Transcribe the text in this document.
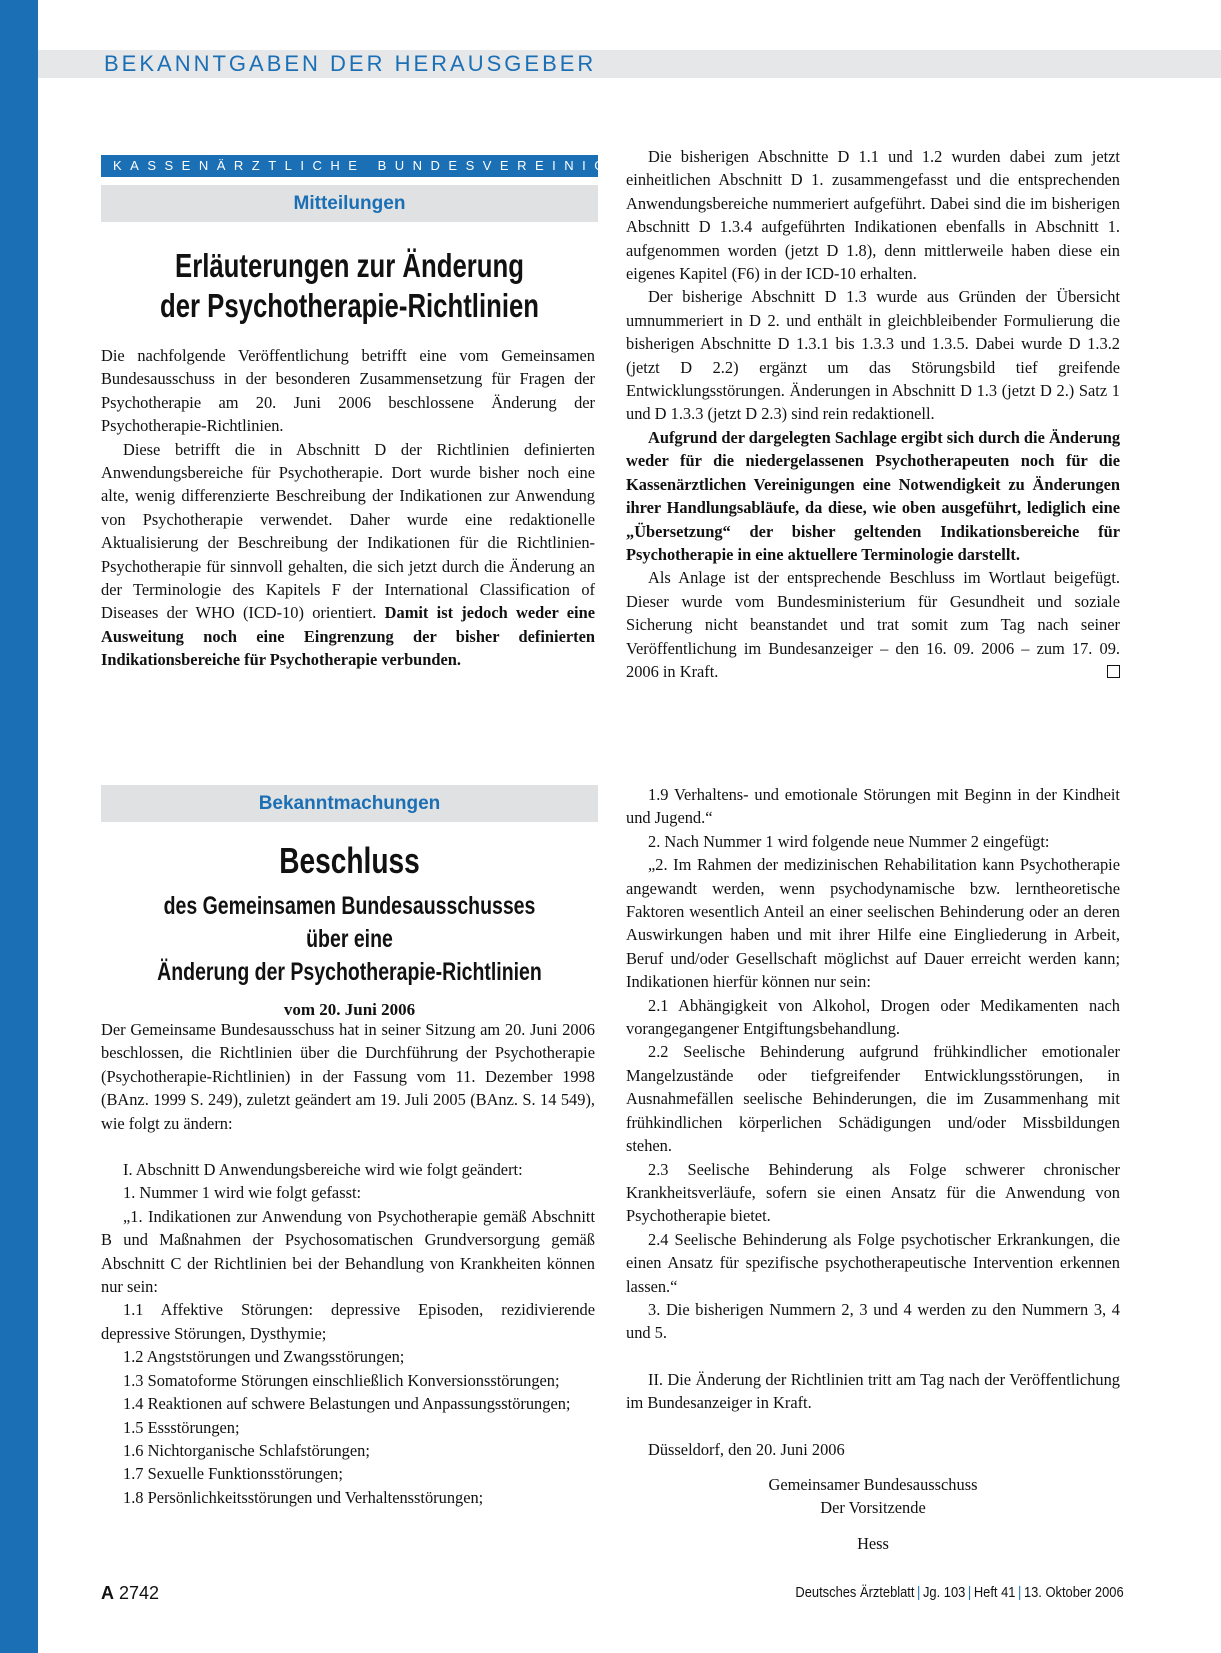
BEKANNTGABEN DER HERAUSGEBER
KASSENÄRZTLICHE BUNDESVEREINIGUNG
Mitteilungen
Erläuterungen zur Änderung
der Psychotherapie-Richtlinien

Die nachfolgende Veröffentlichung betrifft eine vom Gemeinsamen Bundesausschuss in der besonderen Zusammensetzung für Fragen der Psychotherapie am 20. Juni 2006 beschlossene Änderung der Psychotherapie-Richtlinien.

Diese betrifft die in Abschnitt D der Richtlinien definierten Anwendungsbereiche für Psychotherapie. Dort wurde bisher noch eine alte, wenig differenzierte Beschreibung der Indikationen zur Anwendung von Psychotherapie verwendet. Daher wurde eine redaktionelle Aktualisierung der Beschreibung der Indikationen für die Richtlinien-Psychotherapie für sinnvoll gehalten, die sich jetzt durch die Änderung an der Terminologie des Kapitels F der International Classification of Diseases der WHO (ICD-10) orientiert. Damit ist jedoch weder eine Ausweitung noch eine Eingrenzung der bisher definierten Indikationsbereiche für Psychotherapie verbunden.

Die bisherigen Abschnitte D 1.1 und 1.2 wurden dabei zum jetzt einheitlichen Abschnitt D 1. zusammengefasst und die entsprechenden Anwendungsbereiche nummeriert aufgeführt. Dabei sind die im bisherigen Abschnitt D 1.3.4 aufgeführten Indikationen ebenfalls in Abschnitt 1. aufgenommen worden (jetzt D 1.8), denn mittlerweile haben diese ein eigenes Kapitel (F6) in der ICD-10 erhalten.

Der bisherige Abschnitt D 1.3 wurde aus Gründen der Übersicht umnummeriert in D 2. und enthält in gleichbleibender Formulierung die bisherigen Abschnitte D 1.3.1 bis 1.3.3 und 1.3.5. Dabei wurde D 1.3.2 (jetzt D 2.2) ergänzt um das Störungsbild tief greifende Entwicklungsstörungen. Änderungen in Abschnitt D 1.3 (jetzt D 2.) Satz 1 und D 1.3.3 (jetzt D 2.3) sind rein redaktionell.

Aufgrund der dargelegten Sachlage ergibt sich durch die Änderung weder für die niedergelassenen Psychotherapeuten noch für die Kassenärztlichen Vereinigungen eine Notwendigkeit zu Änderungen ihrer Handlungsabläufe, da diese, wie oben ausgeführt, lediglich eine „Übersetzung“ der bisher geltenden Indikationsbereiche für Psychotherapie in eine aktuellere Terminologie darstellt.

Als Anlage ist der entsprechende Beschluss im Wortlaut beigefügt. Dieser wurde vom Bundesministerium für Gesundheit und soziale Sicherung nicht beanstandet und trat somit zum Tag nach seiner Veröffentlichung im Bundesanzeiger – den 16. 09. 2006 – zum 17. 09. 2006 in Kraft.

Bekanntmachungen
Beschluss
des Gemeinsamen Bundesausschusses über eine
Änderung der Psychotherapie-Richtlinien
vom 20. Juni 2006

Der Gemeinsame Bundesausschuss hat in seiner Sitzung am 20. Juni 2006 beschlossen, die Richtlinien über die Durchführung der Psychotherapie (Psychotherapie-Richtlinien) in der Fassung vom 11. Dezember 1998 (BAnz. 1999 S. 249), zuletzt geändert am 19. Juli 2005 (BAnz. S. 14 549), wie folgt zu ändern:

I. Abschnitt D Anwendungsbereiche wird wie folgt geändert:

1. Nummer 1 wird wie folgt gefasst:

„1. Indikationen zur Anwendung von Psychotherapie gemäß Abschnitt B und Maßnahmen der Psychosomatischen Grundversorgung gemäß Abschnitt C der Richtlinien bei der Behandlung von Krankheiten können nur sein:

1.1 Affektive Störungen: depressive Episoden, rezidivierende depressive Störungen, Dysthymie;

1.2 Angststörungen und Zwangsstörungen;

1.3 Somatoforme Störungen einschließlich Konversionsstörungen;

1.4 Reaktionen auf schwere Belastungen und Anpassungsstörungen;

1.5 Essstörungen;

1.6 Nichtorganische Schlafstörungen;

1.7 Sexuelle Funktionsstörungen;

1.8 Persönlichkeitsstörungen und Verhaltensstörungen;

1.9 Verhaltens- und emotionale Störungen mit Beginn in der Kindheit und Jugend.“

2. Nach Nummer 1 wird folgende neue Nummer 2 eingefügt:

„2. Im Rahmen der medizinischen Rehabilitation kann Psychotherapie angewandt werden, wenn psychodynamische bzw. lerntheoretische Faktoren wesentlich Anteil an einer seelischen Behinderung oder an deren Auswirkungen haben und mit ihrer Hilfe eine Eingliederung in Arbeit, Beruf und/oder Gesellschaft möglichst auf Dauer erreicht werden kann; Indikationen hierfür können nur sein:

2.1 Abhängigkeit von Alkohol, Drogen oder Medikamenten nach vorangegangener Entgiftungsbehandlung.

2.2 Seelische Behinderung aufgrund frühkindlicher emotionaler Mangelzustände oder tiefgreifender Entwicklungsstörungen, in Ausnahmefällen seelische Behinderungen, die im Zusammenhang mit frühkindlichen körperlichen Schädigungen und/oder Missbildungen stehen.

2.3 Seelische Behinderung als Folge schwerer chronischer Krankheitsverläufe, sofern sie einen Ansatz für die Anwendung von Psychotherapie bietet.

2.4 Seelische Behinderung als Folge psychotischer Erkrankungen, die einen Ansatz für spezifische psychotherapeutische Intervention erkennen lassen.“

3. Die bisherigen Nummern 2, 3 und 4 werden zu den Nummern 3, 4 und 5.

II. Die Änderung der Richtlinien tritt am Tag nach der Veröffentlichung im Bundesanzeiger in Kraft.

Düsseldorf, den 20. Juni 2006

Gemeinsamer Bundesausschuss

Der Vorsitzende

Hess

A 2742	Deutsches Ärzteblatt | Jg. 103 | Heft 41 | 13. Oktober 2006
